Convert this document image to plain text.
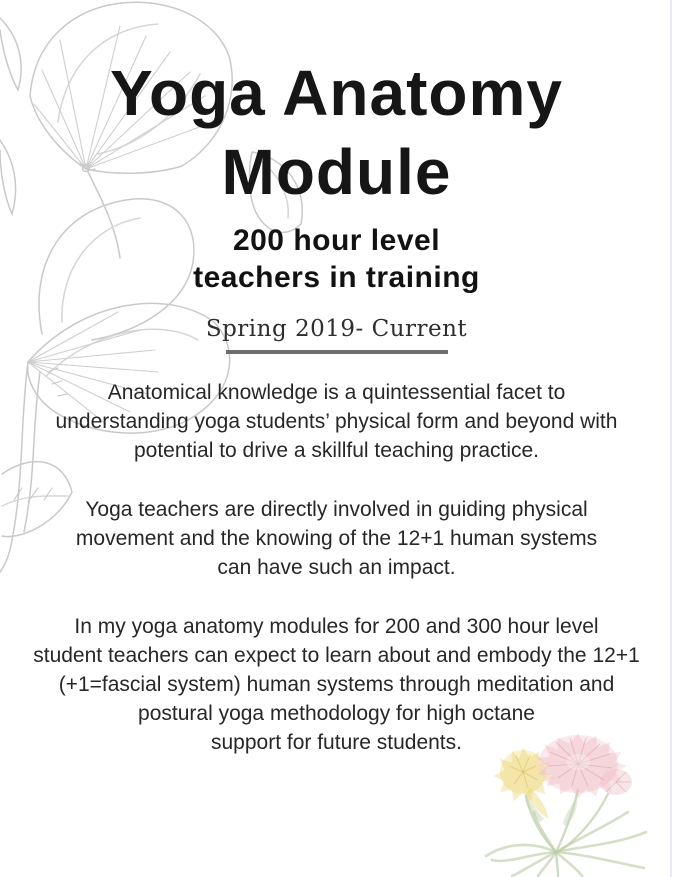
Yoga Anatomy
Module
200 hour level
teachers in training
Spring 2019- Current

Anatomical knowledge is a quintessential facet to
understanding yoga students’ physical form and beyond with
potential to drive a skillful teaching practice.

Yoga teachers are directly involved in guiding physical
movement and the knowing of the 12+1 human systems
can have such an impact.

In my yoga anatomy modules for 200 and 300 hour level
student teachers can expect to learn about and embody the 12+1
(+1=fascial system) human systems through meditation and
postural yoga methodology for high octane
support for future students.
